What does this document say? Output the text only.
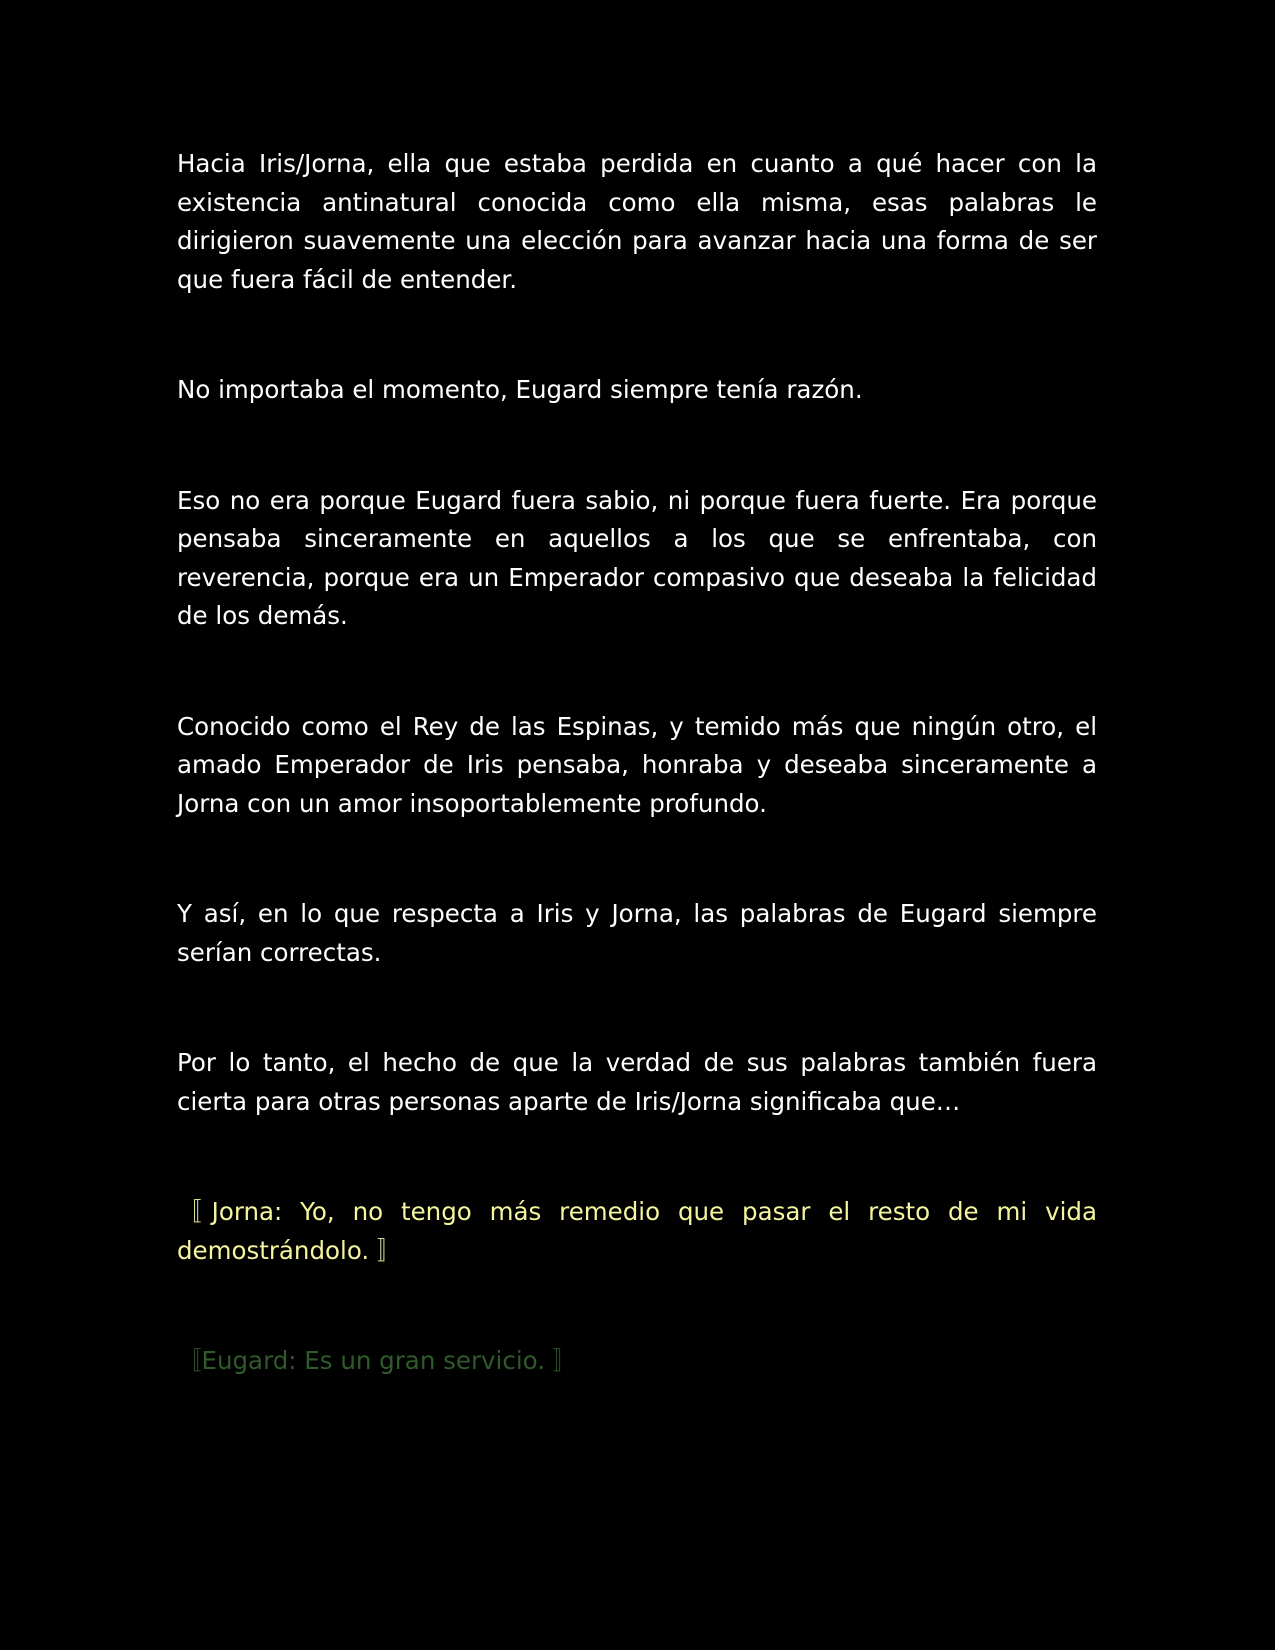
Hacia Iris/Jorna, ella que estaba perdida en cuanto a qué hacer con la existencia antinatural conocida como ella misma, esas palabras le dirigieron suavemente una elección para avanzar hacia una forma de ser que fuera fácil de entender.

No importaba el momento, Eugard siempre tenía razón.

Eso no era porque Eugard fuera sabio, ni porque fuera fuerte. Era porque pensaba sinceramente en aquellos a los que se enfrentaba, con reverencia, porque era un Emperador compasivo que deseaba la felicidad de los demás.

Conocido como el Rey de las Espinas, y temido más que ningún otro, el amado Emperador de Iris pensaba, honraba y deseaba sinceramente a Jorna con un amor insoportablemente profundo.

Y así, en lo que respecta a Iris y Jorna, las palabras de Eugard siempre serían correctas.

Por lo tanto, el hecho de que la verdad de sus palabras también fuera cierta para otras personas aparte de Iris/Jorna significaba que…

〚Jorna: Yo, no tengo más remedio que pasar el resto de mi vida demostrándolo. 〛

〚Eugard: Es un gran servicio. 〛
